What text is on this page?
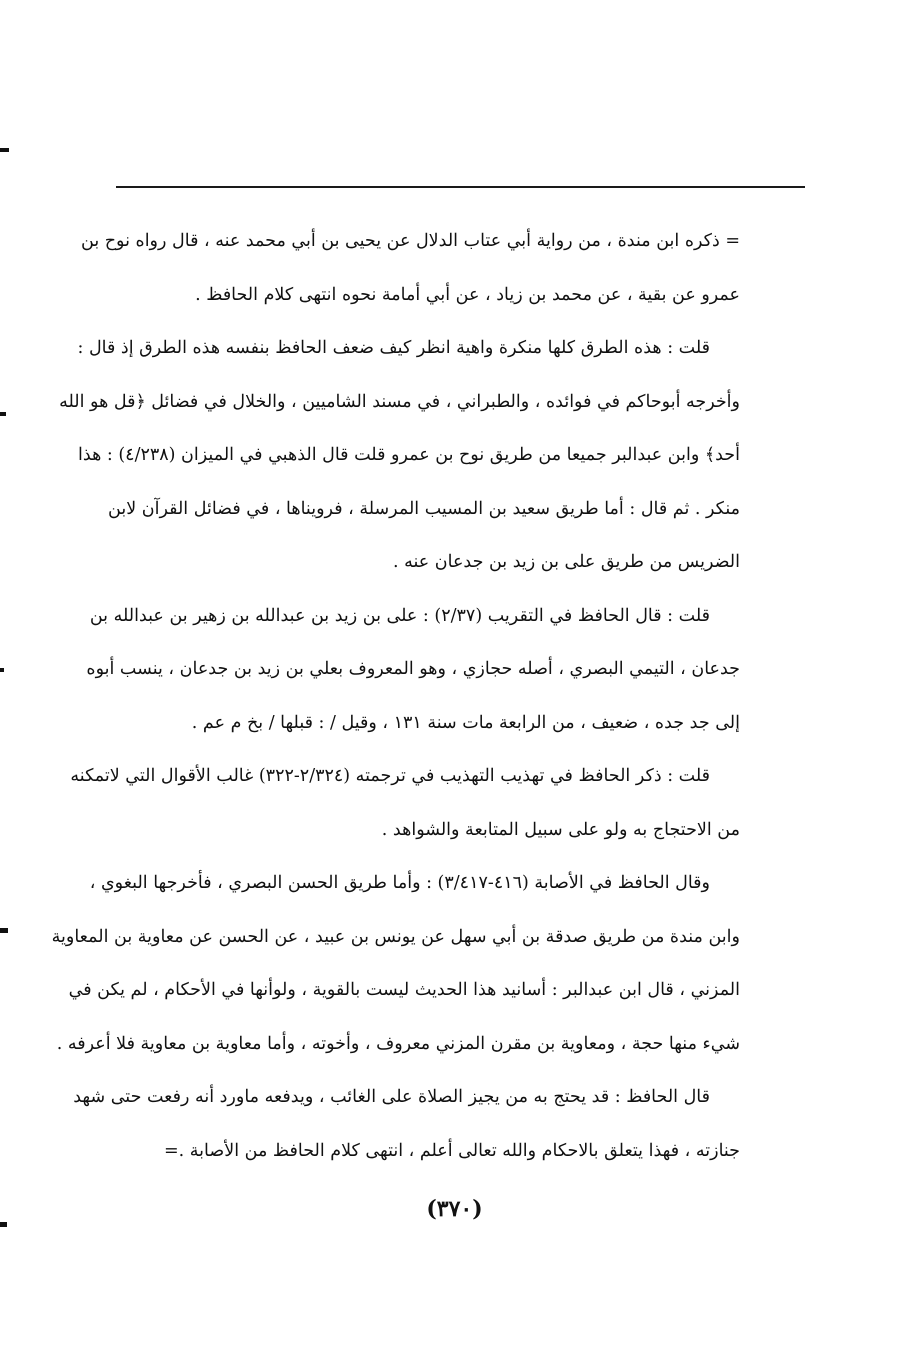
= ذكره ابن مندة ، من رواية أبي عتاب الدلال عن يحيى بن أبي محمد عنه ، قال رواه نوح بن
عمرو عن بقية ، عن محمد بن زياد ، عن أبي أمامة نحوه انتهى كلام الحافظ .
قلت : هذه الطرق كلها منكرة واهية انظر كيف ضعف الحافظ بنفسه هذه الطرق إذ قال :
وأخرجه أبوحاكم في فوائده ، والطبراني ، في مسند الشاميين ، والخلال في فضائل ﴿قل هو الله
أحد﴾ وابن عبدالبر جميعا من طريق نوح بن عمرو قلت قال الذهبي في الميزان (٤/٢٣٨) : هذا
منكر . ثم قال : أما طريق سعيد بن المسيب المرسلة ، فرويناها ، في فضائل القرآن لابن
الضريس من طريق على بن زيد بن جدعان عنه .
قلت : قال الحافظ في التقريب (٢/٣٧) : على بن زيد بن عبدالله بن زهير بن عبدالله بن
جدعان ، التيمي البصري ، أصله حجازي ، وهو المعروف بعلي بن زيد بن جدعان ، ينسب أبوه
إلى جد جده ، ضعيف ، من الرابعة مات سنة ١٣١ ، وقيل / : قبلها / بخ م عم .
قلت : ذكر الحافظ في تهذيب التهذيب في ترجمته (٢/٣٢٤-٣٢٢) غالب الأقوال التي لاتمكنه
من الاحتجاج به ولو على سبيل المتابعة والشواهد .
وقال الحافظ في الأصابة (٤١٦-٣/٤١٧) : وأما طريق الحسن البصري ، فأخرجها البغوي ،
وابن مندة من طريق صدقة بن أبي سهل عن يونس بن عبيد ، عن الحسن عن معاوية بن المعاوية
المزني ، قال ابن عبدالبر : أسانيد هذا الحديث ليست بالقوية ، ولوأنها في الأحكام ، لم يكن في
شيء منها حجة ، ومعاوية بن مقرن المزني معروف ، وأخوته ، وأما معاوية بن معاوية فلا أعرفه .
قال الحافظ : قد يحتج به من يجيز الصلاة على الغائب ، ويدفعه ماورد أنه رفعت حتى شهد
جنازته ، فهذا يتعلق بالاحكام والله تعالى أعلم ، انتهى كلام الحافظ من الأصابة .=
(٣٧٠)
